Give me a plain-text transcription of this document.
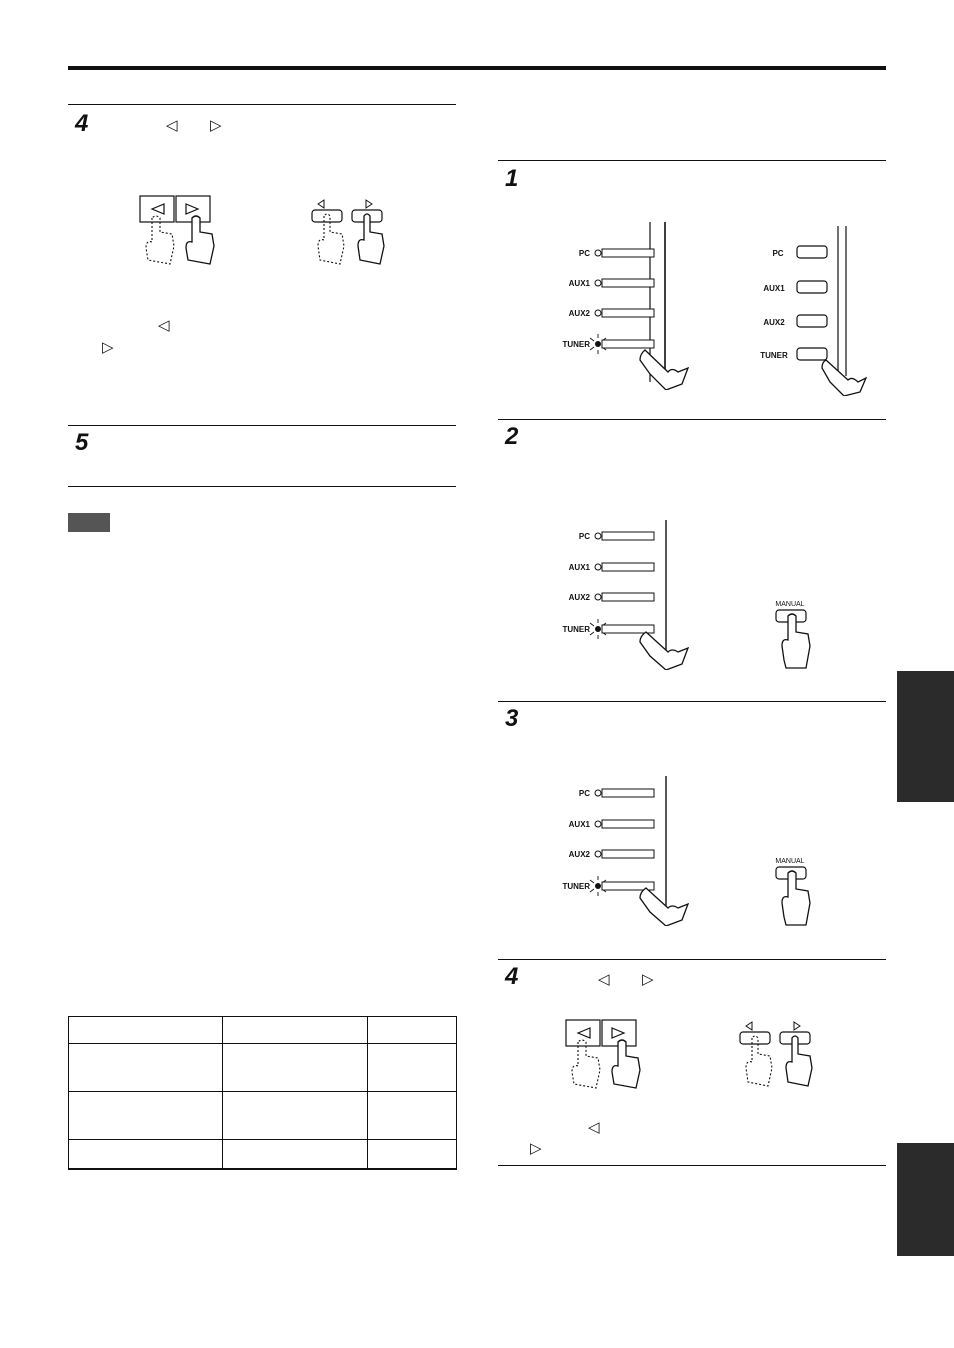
4	◁ ▷
◁
▷
5

1
PC
AUX1
AUX2
TUNER
PC
AUX1
AUX2
TUNER
2
PC
AUX1
AUX2
TUNER
MANUAL
3
PC
AUX1
AUX2
TUNER
MANUAL
4	◁ ▷
◁
▷
